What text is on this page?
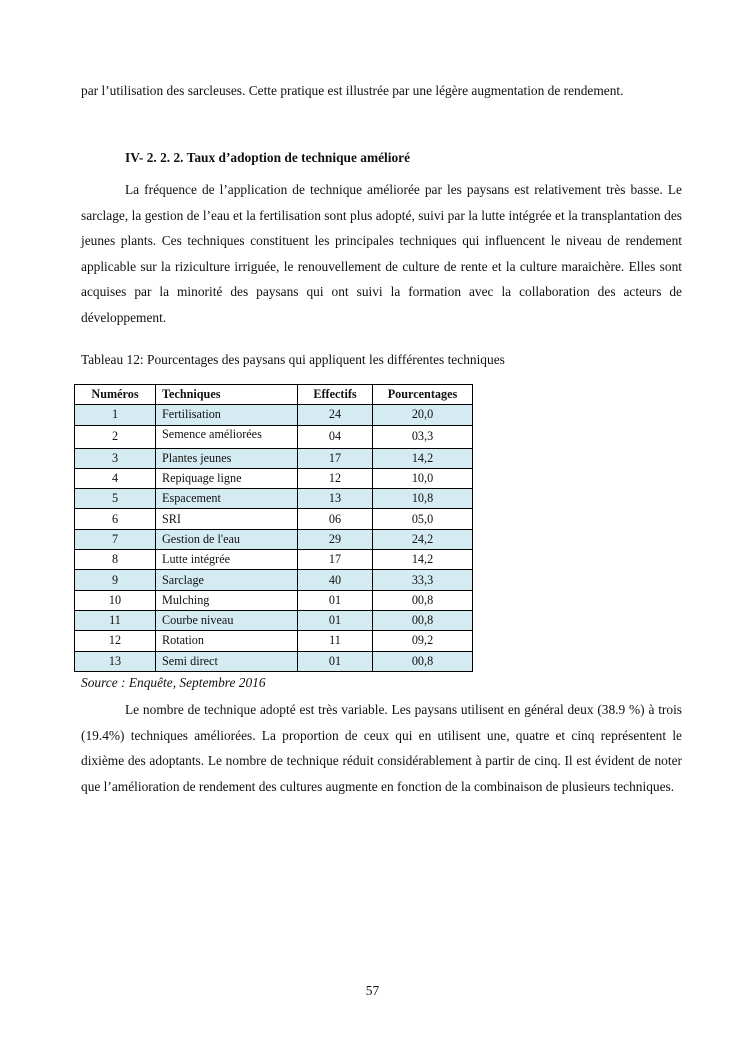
par l’utilisation des sarcleuses. Cette pratique est illustrée par une légère augmentation de rendement.

IV- 2. 2. 2. Taux d’adoption de technique amélioré

La fréquence de l’application de technique améliorée par les paysans est relativement très basse. Le sarclage, la gestion de l’eau et la fertilisation sont plus adopté, suivi par la lutte intégrée et la transplantation des jeunes plants. Ces techniques constituent les principales techniques qui influencent le niveau de rendement applicable sur la riziculture irriguée, le renouvellement de culture de rente et la culture maraichère. Elles sont acquises par la minorité des paysans qui ont suivi la formation avec la collaboration des acteurs de développement.

Tableau 12: Pourcentages des paysans qui appliquent les différentes techniques

Numéros	Techniques	Effectifs	Pourcentages
1	Fertilisation	24	20,0
2	Semence améliorées	04	03,3
3	Plantes jeunes	17	14,2
4	Repiquage ligne	12	10,0
5	Espacement	13	10,8
6	SRI	06	05,0
7	Gestion de l'eau	29	24,2
8	Lutte intégrée	17	14,2
9	Sarclage	40	33,3
10	Mulching	01	00,8
11	Courbe niveau	01	00,8
12	Rotation	11	09,2
13	Semi direct	01	00,8

Source : Enquête, Septembre 2016

Le nombre de technique adopté est très variable. Les paysans utilisent en général deux (38.9 %) à trois (19.4%) techniques améliorées. La proportion de ceux qui en utilisent une, quatre et cinq représentent le dixième des adoptants. Le nombre de technique réduit considérablement à partir de cinq. Il est évident de noter que l’amélioration de rendement des cultures augmente en fonction de la combinaison de plusieurs techniques.

57
